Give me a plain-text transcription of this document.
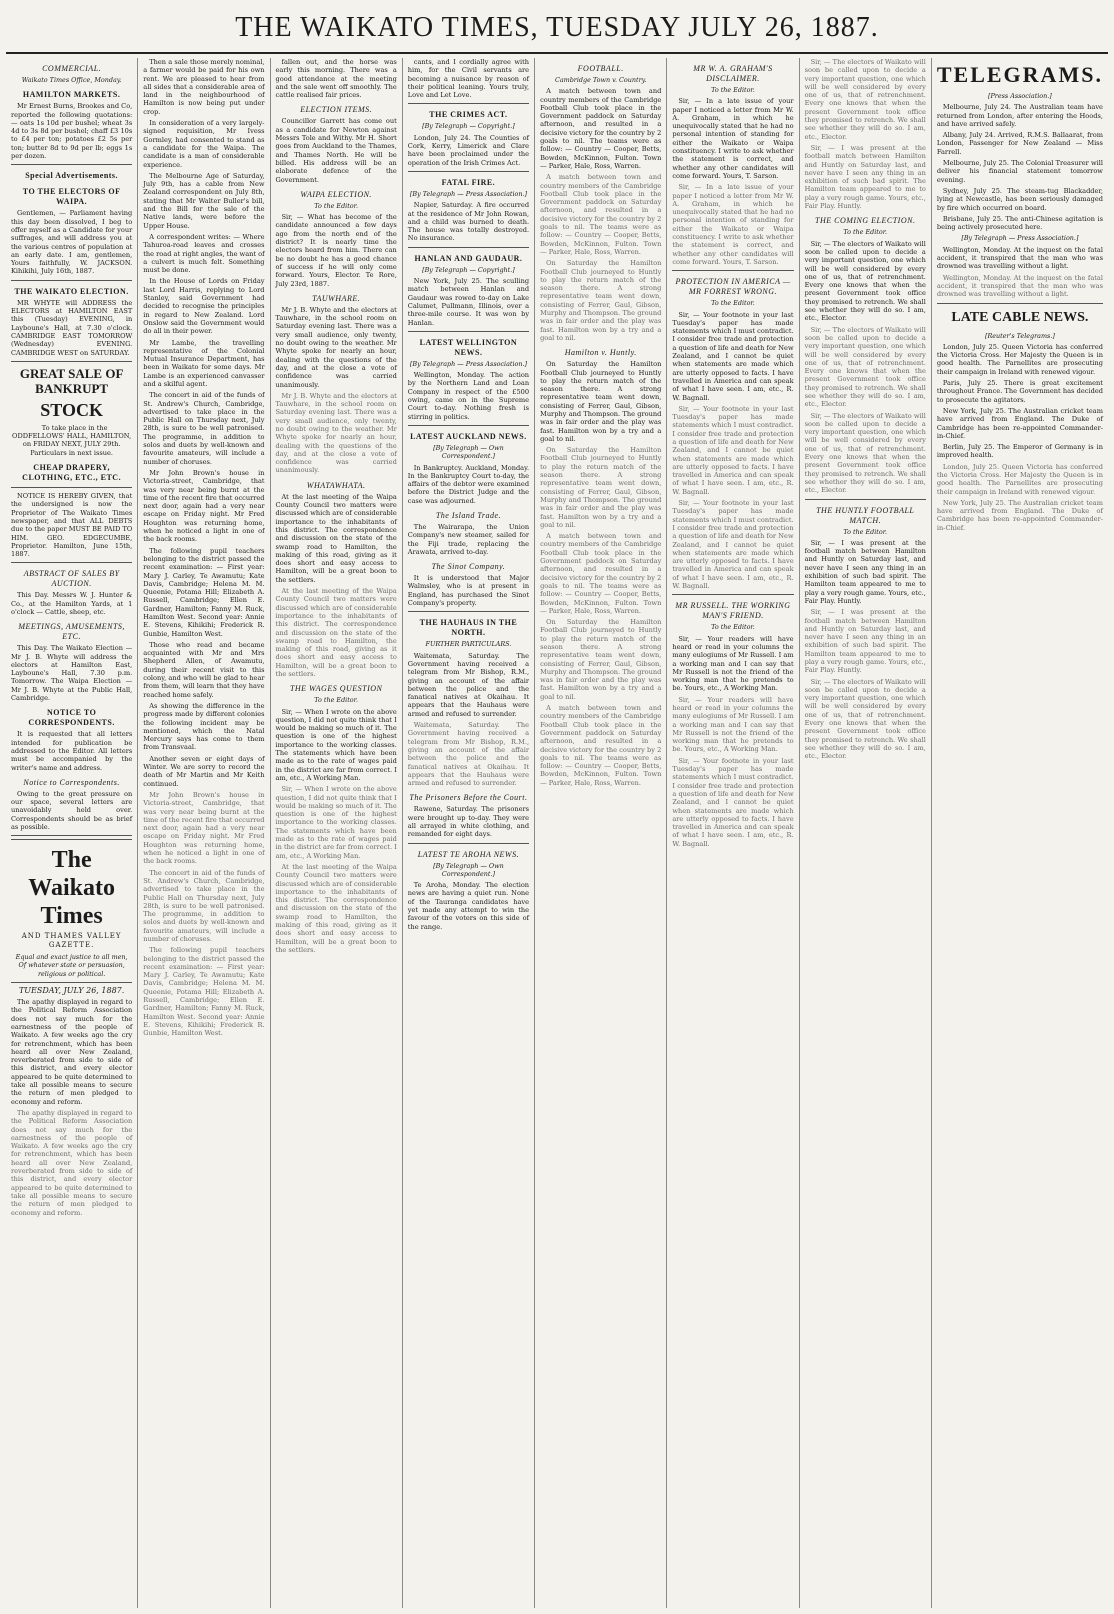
THE WAIKATO TIMES, TUESDAY JULY 26, 1887.
COMMERCIAL.
Waikato Times Office, Monday.
HAMILTON MARKETS.
Mr Ernest Burns, Brookes and Co, reported the following quotations: — oats 1s 10d per bushel; wheat 3s 4d to 3s 8d per bushel; chaff £3 10s to £4 per ton; potatoes £2 5s per ton; butter 8d to 9d per lb; eggs 1s per dozen.
Special Advertisements.
TO THE ELECTORS OF WAIPA.
Gentlemen, — Parliament having this day been dissolved, I beg to offer myself as a Candidate for your suffrages, and will address you at the various centres of population at an early date. I am, gentlemen, Yours faithfully, W. JACKSON. Kihikihi, July 16th, 1887.
THE WAIKATO ELECTION.
MR WHYTE will ADDRESS the ELECTORS at HAMILTON EAST this (Tuesday) EVENING, in Layboune's Hall, at 7.30 o'clock. CAMBRIDGE EAST TOMORROW (Wednesday) EVENING. CAMBRIDGE WEST on SATURDAY.
GREAT SALE OF BANKRUPT
STOCK
To take place in the ODDFELLOWS' HALL, HAMILTON, on FRIDAY NEXT, JULY 29th. Particulars in next issue.
CHEAP DRAPERY, CLOTHING, ETC., ETC.
NOTICE IS HEREBY GIVEN, that the undersigned is now the Proprietor of The Waikato Times newspaper, and that ALL DEBTS due to the paper MUST BE PAID TO HIM. GEO. EDGECUMBE, Proprietor. Hamilton, June 15th, 1887.
ABSTRACT OF SALES BY AUCTION.
This Day. Messrs W. J. Hunter & Co., at the Hamilton Yards, at 1 o'clock — Cattle, sheep, etc.
MEETINGS, AMUSEMENTS, ETC.
This Day. The Waikato Election — Mr J. B. Whyte will address the electors at Hamilton East, Layboune's Hall, 7.30 p.m. Tomorrow. The Waipa Election — Mr J. B. Whyte at the Public Hall, Cambridge.
NOTICE TO CORRESPONDENTS.
It is requested that all letters intended for publication be addressed to the Editor. All letters must be accompanied by the writer's name and address.
Notice to Correspondents.
Owing to the great pressure on our space, several letters are unavoidably held over. Correspondents should be as brief as possible.
The Waikato Times
AND THAMES VALLEY GAZETTE.
Equal and exact justice to all men, Of whatever state or persuasion, religious or political.
TUESDAY, JULY 26, 1887.
The apathy displayed in regard to the Political Reform Association does not say much for the earnestness of the people of Waikato. A few weeks ago the cry for retrenchment, which has been heard all over New Zealand, reverberated from side to side of this district, and every elector appeared to be quite determined to take all possible means to secure the return of men pledged to economy and reform.
The apathy displayed in regard to the Political Reform Association does not say much for the earnestness of the people of Waikato. A few weeks ago the cry for retrenchment, which has been heard all over New Zealand, reverberated from side to side of this district, and every elector appeared to be quite determined to take all possible means to secure the return of men pledged to economy and reform.
Then a sale those merely nominal, a farmer would be paid for his own rent. We are pleased to hear from all sides that a considerable area of land in the neighbourhood of Hamilton is now being put under crop.
In consideration of a very largely-signed requisition, Mr Ivess Gormley, had consented to stand as a candidate for the Waipa. The candidate is a man of considerable experience.
The Melbourne Age of Saturday, July 9th, has a cable from New Zealand correspondent on July 8th, stating that Mr Walter Buller's bill, and the Bill for the sale of the Native lands, were before the Upper House.
A correspondent writes: — Where Tahuroa-road leaves and crosses the road at right angles, the want of a culvert is much felt. Something must be done.
In the House of Lords on Friday last Lord Harris, replying to Lord Stanley, said Government had decided to recognise the principles in regard to New Zealand. Lord Onslow said the Government would do all in their power.
Mr Lambe, the travelling representative of the Colonial Mutual Insurance Department, has been in Waikato for some days. Mr Lambe is an experienced canvasser and a skilful agent.
The concert in aid of the funds of St. Andrew's Church, Cambridge, advertised to take place in the Public Hall on Thursday next, July 28th, is sure to be well patronised. The programme, in addition to solos and duets by well-known and favourite amateurs, will include a number of choruses.
Mr John Brown's house in Victoria-street, Cambridge, that was very near being burnt at the time of the recent fire that occurred next door, again had a very near escape on Friday night. Mr Fred Houghton was returning home, when he noticed a light in one of the back rooms.
The following pupil teachers belonging to the district passed the recent examination: — First year: Mary J. Carley, Te Awamutu; Kate Davis, Cambridge; Helena M. M. Queenie, Potama Hill; Elizabeth A. Russell, Cambridge; Ellen E. Gardner, Hamilton; Fanny M. Ruck, Hamilton West. Second year: Annie E. Stevens, Kihikihi; Frederick R. Gunbie, Hamilton West.
Those who read and became acquainted with Mr and Mrs Shepherd Allen, of Awamutu, during their recent visit to this colony, and who will be glad to hear from them, will learn that they have reached home safely.
As showing the difference in the progress made by different colonies the following incident may be mentioned, which the Natal Mercury says has come to them from Transvaal.
Another seven or eight days of Winter. We are sorry to record the death of Mr Martin and Mr Keith continued.
Mr John Brown's house in Victoria-street, Cambridge, that was very near being burnt at the time of the recent fire that occurred next door, again had a very near escape on Friday night. Mr Fred Houghton was returning home, when he noticed a light in one of the back rooms.
The concert in aid of the funds of St. Andrew's Church, Cambridge, advertised to take place in the Public Hall on Thursday next, July 28th, is sure to be well patronised. The programme, in addition to solos and duets by well-known and favourite amateurs, will include a number of choruses.
The following pupil teachers belonging to the district passed the recent examination: — First year: Mary J. Carley, Te Awamutu; Kate Davis, Cambridge; Helena M. M. Queenie, Potama Hill; Elizabeth A. Russell, Cambridge; Ellen E. Gardner, Hamilton; Fanny M. Ruck, Hamilton West. Second year: Annie E. Stevens, Kihikihi; Frederick R. Gunbie, Hamilton West.
fallen out, and the horse was early this morning. There was a good attendance at the meeting and the sale went off smoothly. The cattle realised fair prices.
ELECTION ITEMS.
Councillor Garrett has come out as a candidate for Newton against Messrs Tole and Withy. Mr H. Short goes from Auckland to the Thames, and Thames North. He will be billed. His address will be an elaborate defence of the Government.
WAIPA ELECTION.
To the Editor.
Sir, — What has become of the candidate announced a few days ago from the north end of the district? It is nearly time the electors heard from him. There can be no doubt he has a good chance of success if he will only come forward. Yours, Elector. Te Rore, July 23rd, 1887.
TAUWHARE.
Mr J. B. Whyte and the electors at Tauwhare, in the school room on Saturday evening last. There was a very small audience, only twenty, no doubt owing to the weather. Mr Whyte spoke for nearly an hour, dealing with the questions of the day, and at the close a vote of confidence was carried unanimously.
Mr J. B. Whyte and the electors at Tauwhare, in the school room on Saturday evening last. There was a very small audience, only twenty, no doubt owing to the weather. Mr Whyte spoke for nearly an hour, dealing with the questions of the day, and at the close a vote of confidence was carried unanimously.
WHATAWHATA.
At the last meeting of the Waipa County Council two matters were discussed which are of considerable importance to the inhabitants of this district. The correspondence and discussion on the state of the swamp road to Hamilton, the making of this road, giving as it does short and easy access to Hamilton, will be a great boon to the settlers.
At the last meeting of the Waipa County Council two matters were discussed which are of considerable importance to the inhabitants of this district. The correspondence and discussion on the state of the swamp road to Hamilton, the making of this road, giving as it does short and easy access to Hamilton, will be a great boon to the settlers.
THE WAGES QUESTION
To the Editor.
Sir, — When I wrote on the above question, I did not quite think that I would be making so much of it. The question is one of the highest importance to the working classes. The statements which have been made as to the rate of wages paid in the district are far from correct. I am, etc., A Working Man.
Sir, — When I wrote on the above question, I did not quite think that I would be making so much of it. The question is one of the highest importance to the working classes. The statements which have been made as to the rate of wages paid in the district are far from correct. I am, etc., A Working Man.
At the last meeting of the Waipa County Council two matters were discussed which are of considerable importance to the inhabitants of this district. The correspondence and discussion on the state of the swamp road to Hamilton, the making of this road, giving as it does short and easy access to Hamilton, will be a great boon to the settlers.
cants, and I cordially agree with him, for the Civil servants are becoming a nuisance by reason of their political leaning. Yours truly, Love and Let Love.
THE CRIMES ACT.
[By Telegraph — Copyright.]
London, July 24. The Counties of Cork, Kerry, Limerick and Clare have been proclaimed under the operation of the Irish Crimes Act.
FATAL FIRE.
[By Telegraph — Press Association.]
Napier, Saturday. A fire occurred at the residence of Mr John Rowan, and a child was burned to death. The house was totally destroyed. No insurance.
HANLAN AND GAUDAUR.
[By Telegraph — Copyright.]
New York, July 25. The sculling match between Hanlan and Gaudaur was rowed to-day on Lake Calumet, Pullmann, Illinois, over a three-mile course. It was won by Hanlan.
LATEST WELLINGTON NEWS.
[By Telegraph — Press Association.]
Wellington, Monday. The action by the Northern Land and Loan Company in respect of the £500 owing, came on in the Supreme Court to-day. Nothing fresh is stirring in politics.
LATEST AUCKLAND NEWS.
[By Telegraph — Own Correspondent.]
In Bankruptcy. Auckland, Monday. In the Bankruptcy Court to-day, the affairs of the debtor were examined before the District Judge and the case was adjourned.
The Island Trade.
The Wairarapa, the Union Company's new steamer, sailed for the Fiji trade, replacing the Arawata, arrived to-day.
The Sinot Company.
It is understood that Major Walmsley, who is at present in England, has purchased the Sinot Company's property.
THE HAUHAUS IN THE NORTH.
FURTHER PARTICULARS.
Waitemata, Saturday. The Government having received a telegram from Mr Bishop, R.M., giving an account of the affair between the police and the fanatical natives at Okaihau. It appears that the Hauhaus were armed and refused to surrender.
Waitemata, Saturday. The Government having received a telegram from Mr Bishop, R.M., giving an account of the affair between the police and the fanatical natives at Okaihau. It appears that the Hauhaus were armed and refused to surrender.
The Prisoners Before the Court.
Rawene, Saturday. The prisoners were brought up to-day. They were all arrayed in white clothing, and remanded for eight days.
LATEST TE AROHA NEWS.
[By Telegraph — Own Correspondent.]
Te Aroha, Monday. The election news are having a quiet run. None of the Tauranga candidates have yet made any attempt to win the favour of the voters on this side of the range.
FOOTBALL.
Cambridge Town v. Country.
A match between town and country members of the Cambridge Football Club took place in the Government paddock on Saturday afternoon, and resulted in a decisive victory for the country by 2 goals to nil. The teams were as follow: — Country — Cooper, Betts, Bowden, McKinnon, Fulton. Town — Parker, Hale, Ross, Warren.
A match between town and country members of the Cambridge Football Club took place in the Government paddock on Saturday afternoon, and resulted in a decisive victory for the country by 2 goals to nil. The teams were as follow: — Country — Cooper, Betts, Bowden, McKinnon, Fulton. Town — Parker, Hale, Ross, Warren.
On Saturday the Hamilton Football Club journeyed to Huntly to play the return match of the season there. A strong representative team went down, consisting of Ferrer, Gaul, Gibson, Murphy and Thompson. The ground was in fair order and the play was fast. Hamilton won by a try and a goal to nil.
Hamilton v. Huntly.
On Saturday the Hamilton Football Club journeyed to Huntly to play the return match of the season there. A strong representative team went down, consisting of Ferrer, Gaul, Gibson, Murphy and Thompson. The ground was in fair order and the play was fast. Hamilton won by a try and a goal to nil.
On Saturday the Hamilton Football Club journeyed to Huntly to play the return match of the season there. A strong representative team went down, consisting of Ferrer, Gaul, Gibson, Murphy and Thompson. The ground was in fair order and the play was fast. Hamilton won by a try and a goal to nil.
A match between town and country members of the Cambridge Football Club took place in the Government paddock on Saturday afternoon, and resulted in a decisive victory for the country by 2 goals to nil. The teams were as follow: — Country — Cooper, Betts, Bowden, McKinnon, Fulton. Town — Parker, Hale, Ross, Warren.
On Saturday the Hamilton Football Club journeyed to Huntly to play the return match of the season there. A strong representative team went down, consisting of Ferrer, Gaul, Gibson, Murphy and Thompson. The ground was in fair order and the play was fast. Hamilton won by a try and a goal to nil.
A match between town and country members of the Cambridge Football Club took place in the Government paddock on Saturday afternoon, and resulted in a decisive victory for the country by 2 goals to nil. The teams were as follow: — Country — Cooper, Betts, Bowden, McKinnon, Fulton. Town — Parker, Hale, Ross, Warren.
MR W. A. GRAHAM'S DISCLAIMER.
To the Editor.
Sir, — In a late issue of your paper I noticed a letter from Mr W. A. Graham, in which he unequivocally stated that he had no personal intention of standing for either the Waikato or Waipa constituency. I write to ask whether the statement is correct, and whether any other candidates will come forward. Yours, T. Sarson.
Sir, — In a late issue of your paper I noticed a letter from Mr W. A. Graham, in which he unequivocally stated that he had no personal intention of standing for either the Waikato or Waipa constituency. I write to ask whether the statement is correct, and whether any other candidates will come forward. Yours, T. Sarson.
PROTECTION IN AMERICA — MR FORREST WRONG.
To the Editor.
Sir, — Your footnote in your last Tuesday's paper has made statements which I must contradict. I consider free trade and protection a question of life and death for New Zealand, and I cannot be quiet when statements are made which are utterly opposed to facts. I have travelled in America and can speak of what I have seen. I am, etc., R. W. Bagnall.
Sir, — Your footnote in your last Tuesday's paper has made statements which I must contradict. I consider free trade and protection a question of life and death for New Zealand, and I cannot be quiet when statements are made which are utterly opposed to facts. I have travelled in America and can speak of what I have seen. I am, etc., R. W. Bagnall.
Sir, — Your footnote in your last Tuesday's paper has made statements which I must contradict. I consider free trade and protection a question of life and death for New Zealand, and I cannot be quiet when statements are made which are utterly opposed to facts. I have travelled in America and can speak of what I have seen. I am, etc., R. W. Bagnall.
MR RUSSELL. THE WORKING MAN'S FRIEND.
To the Editor.
Sir, — Your readers will have heard or read in your columns the many eulogiums of Mr Russell. I am a working man and I can say that Mr Russell is not the friend of the working man that he pretends to be. Yours, etc., A Working Man.
Sir, — Your readers will have heard or read in your columns the many eulogiums of Mr Russell. I am a working man and I can say that Mr Russell is not the friend of the working man that he pretends to be. Yours, etc., A Working Man.
Sir, — Your footnote in your last Tuesday's paper has made statements which I must contradict. I consider free trade and protection a question of life and death for New Zealand, and I cannot be quiet when statements are made which are utterly opposed to facts. I have travelled in America and can speak of what I have seen. I am, etc., R. W. Bagnall.
Sir, — The electors of Waikato will soon be called upon to decide a very important question, one which will be well considered by every one of us, that of retrenchment. Every one knows that when the present Government took office they promised to retrench. We shall see whether they will do so. I am, etc., Elector.
Sir, — I was present at the football match between Hamilton and Huntly on Saturday last, and never have I seen any thing in an exhibition of such bad spirit. The Hamilton team appeared to me to play a very rough game. Yours, etc., Fair Play. Huntly.
THE COMING ELECTION.
To the Editor.
Sir, — The electors of Waikato will soon be called upon to decide a very important question, one which will be well considered by every one of us, that of retrenchment. Every one knows that when the present Government took office they promised to retrench. We shall see whether they will do so. I am, etc., Elector.
Sir, — The electors of Waikato will soon be called upon to decide a very important question, one which will be well considered by every one of us, that of retrenchment. Every one knows that when the present Government took office they promised to retrench. We shall see whether they will do so. I am, etc., Elector.
Sir, — The electors of Waikato will soon be called upon to decide a very important question, one which will be well considered by every one of us, that of retrenchment. Every one knows that when the present Government took office they promised to retrench. We shall see whether they will do so. I am, etc., Elector.
THE HUNTLY FOOTBALL MATCH.
To the Editor.
Sir, — I was present at the football match between Hamilton and Huntly on Saturday last, and never have I seen any thing in an exhibition of such bad spirit. The Hamilton team appeared to me to play a very rough game. Yours, etc., Fair Play. Huntly.
Sir, — I was present at the football match between Hamilton and Huntly on Saturday last, and never have I seen any thing in an exhibition of such bad spirit. The Hamilton team appeared to me to play a very rough game. Yours, etc., Fair Play. Huntly.
Sir, — The electors of Waikato will soon be called upon to decide a very important question, one which will be well considered by every one of us, that of retrenchment. Every one knows that when the present Government took office they promised to retrench. We shall see whether they will do so. I am, etc., Elector.
TELEGRAMS.
[Press Association.]
Melbourne, July 24. The Australian team have returned from London, after entering the Hoods, and have arrived safely.
Albany, July 24. Arrived, R.M.S. Ballaarat, from London, Passenger for New Zealand — Miss Farrell.
Melbourne, July 25. The Colonial Treasurer will deliver his financial statement tomorrow evening.
Sydney, July 25. The steam-tug Blackadder, lying at Newcastle, has been seriously damaged by fire which occurred on board.
Brisbane, July 25. The anti-Chinese agitation is being actively prosecuted here.
[By Telegraph — Press Association.]
Wellington, Monday. At the inquest on the fatal accident, it transpired that the man who was drowned was travelling without a light.
Wellington, Monday. At the inquest on the fatal accident, it transpired that the man who was drowned was travelling without a light.
LATE CABLE NEWS.
[Reuter's Telegrams.]
London, July 25. Queen Victoria has conferred the Victoria Cross. Her Majesty the Queen is in good health. The Parnellites are prosecuting their campaign in Ireland with renewed vigour.
Paris, July 25. There is great excitement throughout France. The Government has decided to prosecute the agitators.
New York, July 25. The Australian cricket team have arrived from England. The Duke of Cambridge has been re-appointed Commander-in-Chief.
Berlin, July 25. The Emperor of Germany is in improved health.
London, July 25. Queen Victoria has conferred the Victoria Cross. Her Majesty the Queen is in good health. The Parnellites are prosecuting their campaign in Ireland with renewed vigour.
New York, July 25. The Australian cricket team have arrived from England. The Duke of Cambridge has been re-appointed Commander-in-Chief.
